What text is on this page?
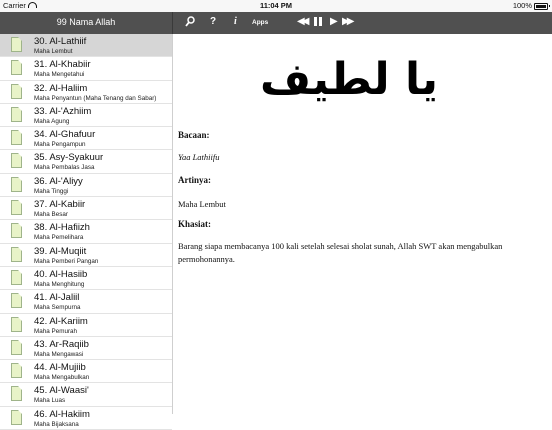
Carrier	11:04 PM	100%
99 Nama Allah	? i Apps	◀◀ ▶ ▶▶
30. Al-Lathiif
Maha Lembut
31. Al-Khabiir
Maha Mengetahui
32. Al-Haliim
Maha Penyantun (Maha Tenang dan Sabar)
33. Al-'Azhiim
Maha Agung
34. Al-Ghafuur
Maha Pengampun
35. Asy-Syakuur
Maha Pembalas Jasa
36. Al-'Aliyy
Maha Tinggi
37. Al-Kabiir
Maha Besar
38. Al-Hafiizh
Maha Pemelihara
39. Al-Muqiit
Maha Pemberi Pangan
40. Al-Hasiib
Maha Menghitung
41. Al-Jaliil
Maha Sempurna
42. Al-Kariim
Maha Pemurah
43. Ar-Raqiib
Maha Mengawasi
44. Al-Mujiib
Maha Mengabulkan
45. Al-Waasi'
Maha Luas
46. Al-Hakiim
Maha Bijaksana
يا لطيف
Bacaan:
Yaa Lathiifu
Artinya:
Maha Lembut
Khasiat:
Barang siapa membacanya 100 kali setelah selesai sholat sunah, Allah SWT akan mengabulkan permohonannya.
